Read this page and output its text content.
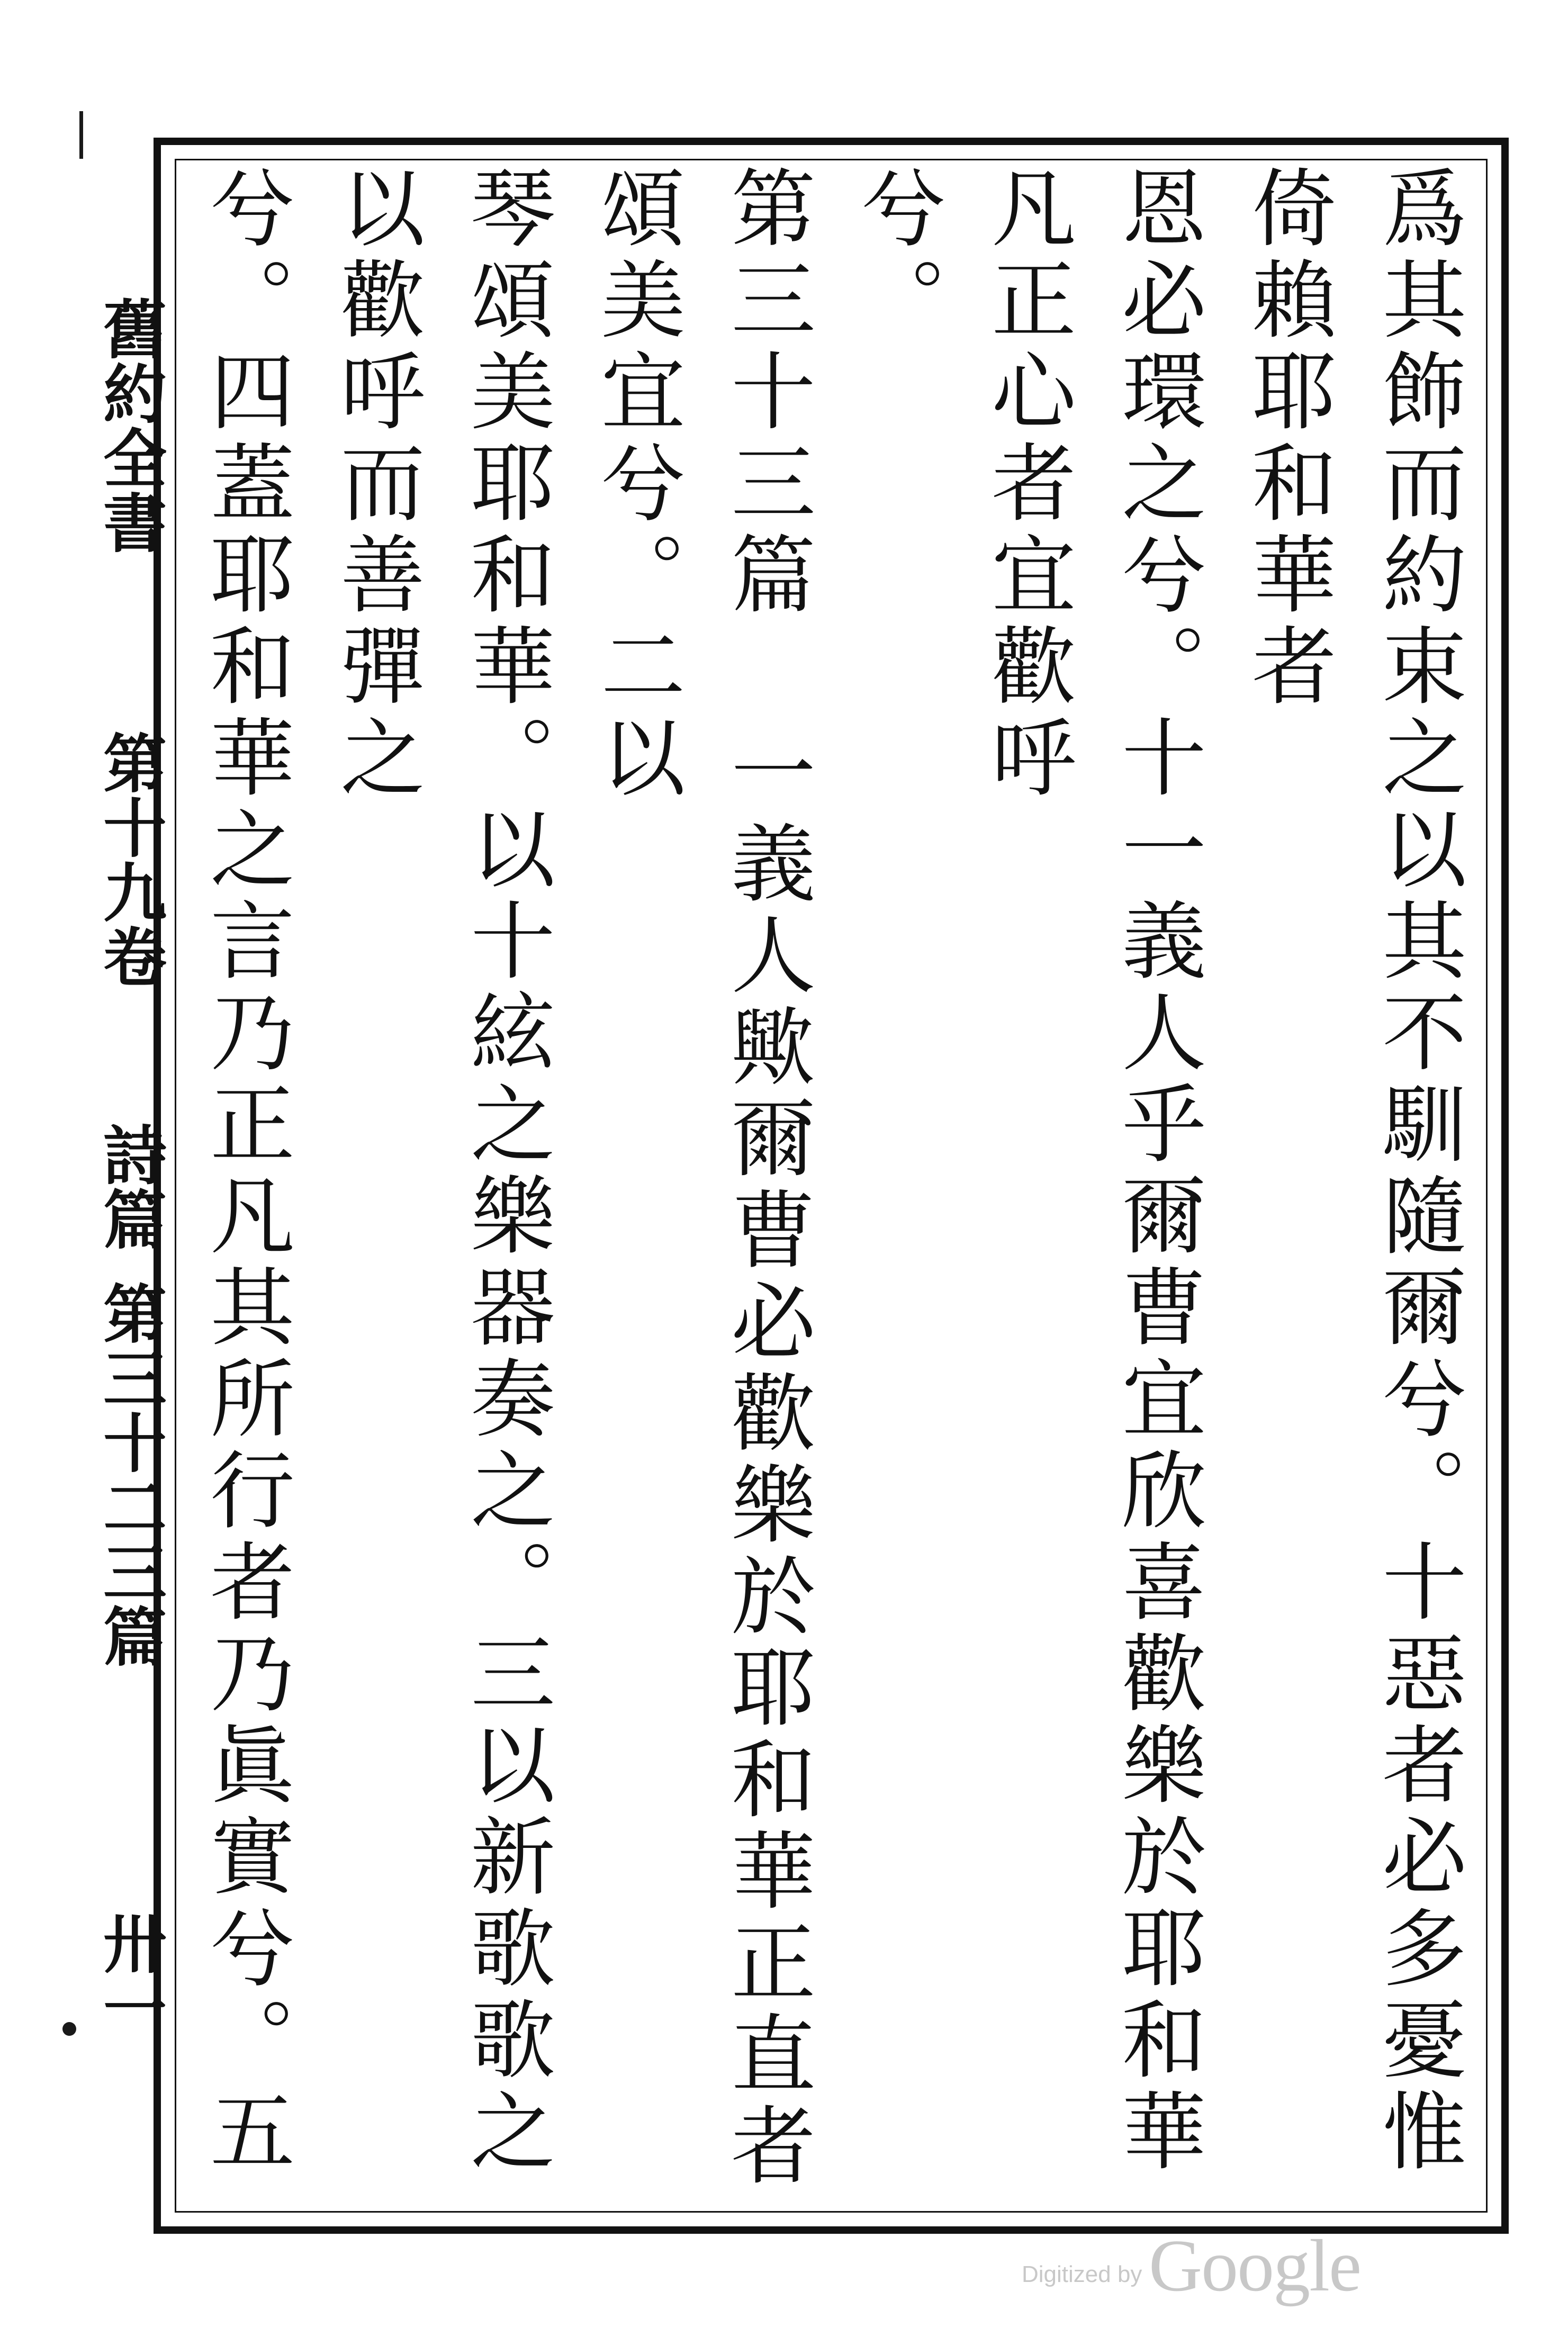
舊約全書
第十九卷
詩篇
第三十二三篇
卅一	爲其飾而約束之以其不馴隨爾兮。十惡者必多憂惟倚賴耶和華者

恩必環之兮。十一義人乎爾曹宜欣喜歡樂於耶和華凡正心者宜歡呼

兮。

第三十三篇 一義人歟爾曹必歡樂於耶和華正直者頌美宜兮。二以

琴頌美耶和華。以十絃之樂器奏之。三以新歌歌之以歡呼而善彈之

兮。四蓋耶和華之言乃正凡其所行者乃眞實兮。五

Digitized by Google
